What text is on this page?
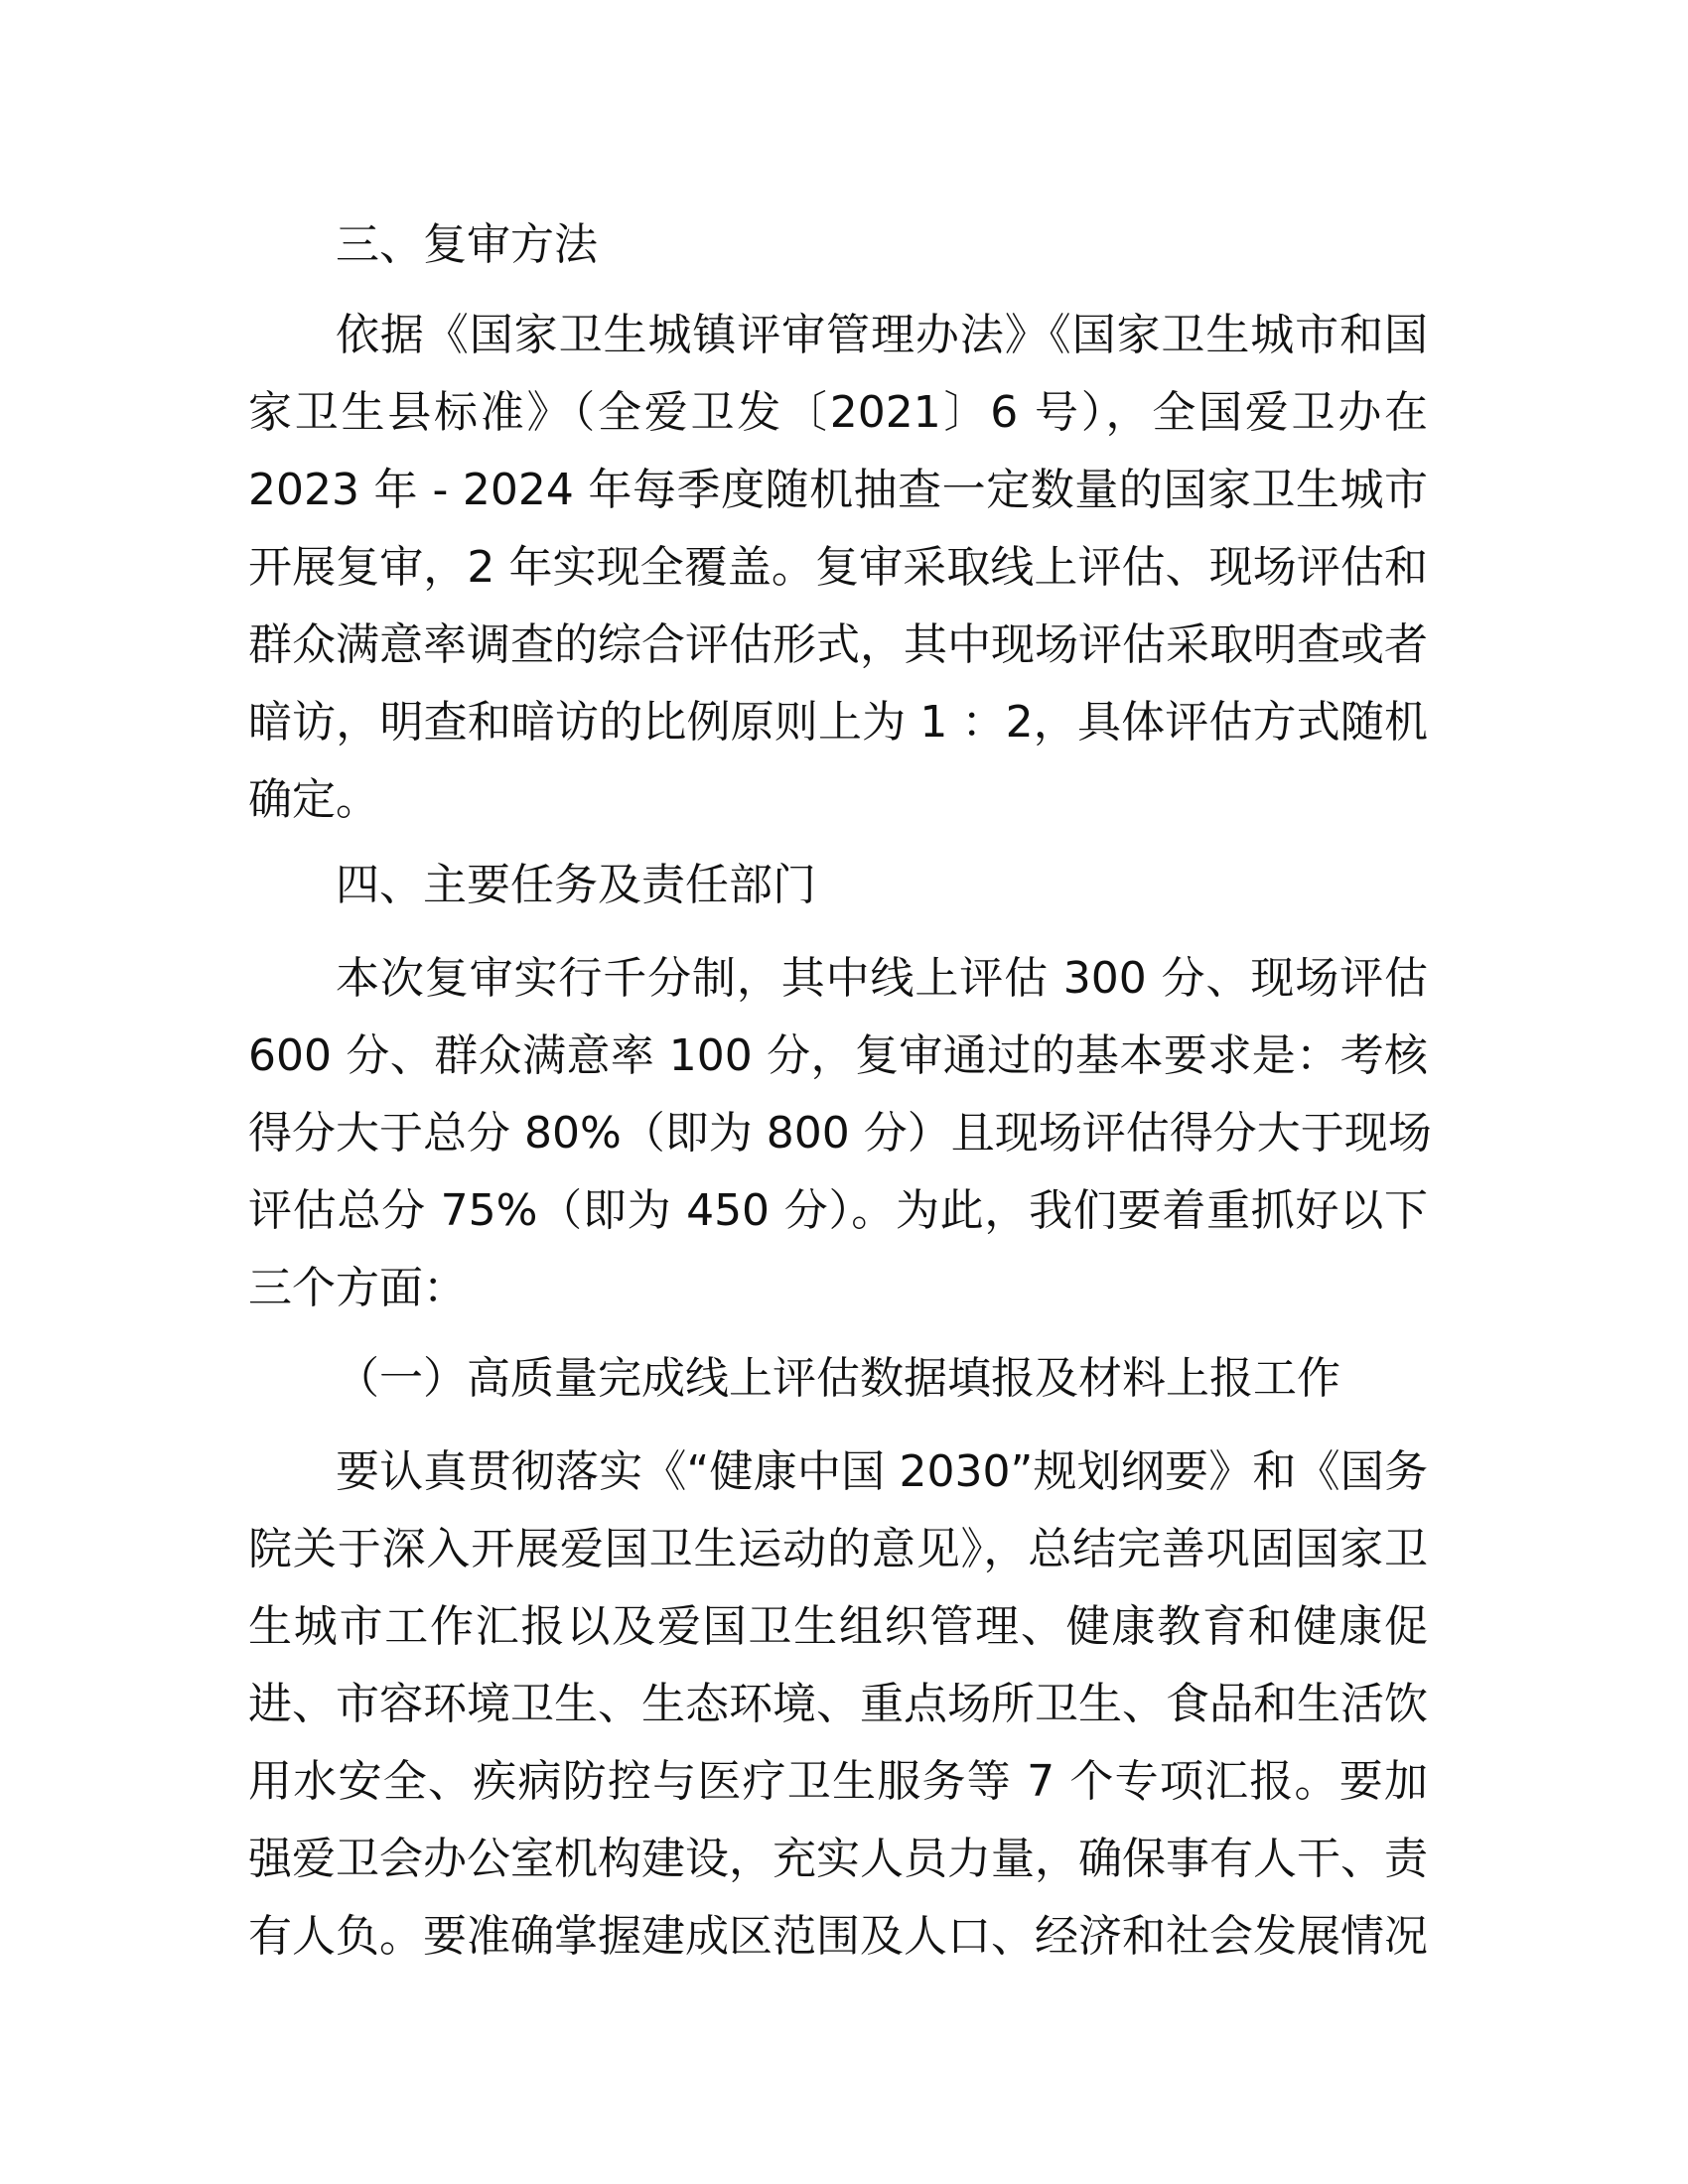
三、复审方法
依据《国家卫生城镇评审管理办法》《国家卫生城市和国
家卫生县标准》（全爱卫发〔2021〕6 号），全国爱卫办在
2023 年 - 2024 年每季度随机抽查一定数量的国家卫生城市
开展复审，2 年实现全覆盖。复审采取线上评估、现场评估和
群众满意率调查的综合评估形式，其中现场评估采取明查或者
暗访，明查和暗访的比例原则上为 1 ：2，具体评估方式随机
确定。
四、主要任务及责任部门
本次复审实行千分制，其中线上评估 300 分、现场评估
600 分、群众满意率 100 分，复审通过的基本要求是：考核
得分大于总分 80%（即为 800 分）且现场评估得分大于现场
评估总分 75%（即为 450 分）。为此，我们要着重抓好以下
三个方面：
（一）高质量完成线上评估数据填报及材料上报工作
要认真贯彻落实《“健康中国 2030”规划纲要》和《国务
院关于深入开展爱国卫生运动的意见》，总结完善巩固国家卫
生城市工作汇报以及爱国卫生组织管理、健康教育和健康促
进、市容环境卫生、生态环境、重点场所卫生、食品和生活饮
用水安全、疾病防控与医疗卫生服务等 7 个专项汇报。要加
强爱卫会办公室机构建设，充实人员力量，确保事有人干、责
有人负。要准确掌握建成区范围及人口、经济和社会发展情况
